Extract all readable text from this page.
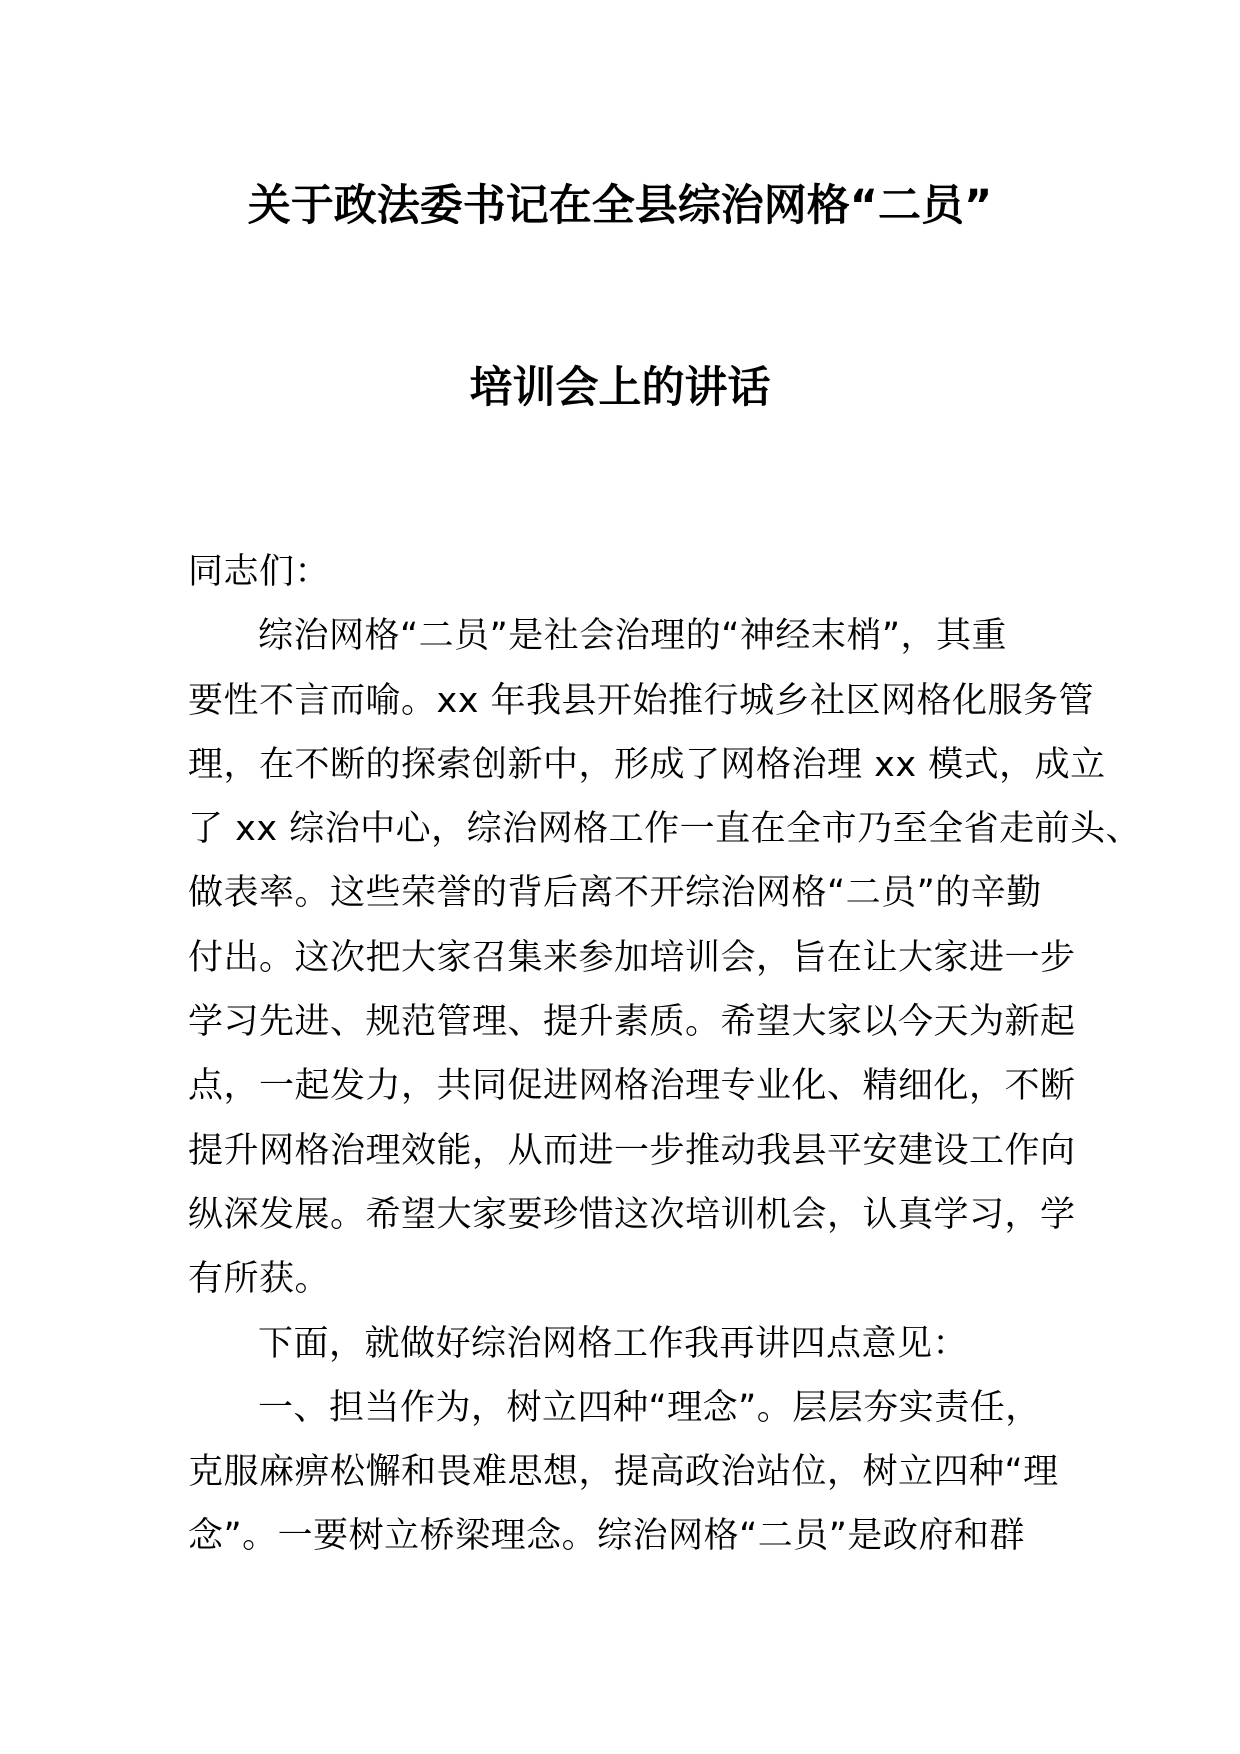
关于政法委书记在全县综治网格“二员”
培训会上的讲话

同志们：

综治网格“二员”是社会治理的“神经末梢”，其重
要性不言而喻。xx 年我县开始推行城乡社区网格化服务管
理，在不断的探索创新中，形成了网格治理 xx 模式，成立
了 xx 综治中心，综治网格工作一直在全市乃至全省走前头、
做表率。这些荣誉的背后离不开综治网格“二员”的辛勤
付出。这次把大家召集来参加培训会，旨在让大家进一步
学习先进、规范管理、提升素质。希望大家以今天为新起
点，一起发力，共同促进网格治理专业化、精细化，不断
提升网格治理效能，从而进一步推动我县平安建设工作向
纵深发展。希望大家要珍惜这次培训机会，认真学习，学
有所获。

下面，就做好综治网格工作我再讲四点意见：

一、担当作为，树立四种“理念”。层层夯实责任，
克服麻痹松懈和畏难思想，提高政治站位，树立四种“理
念”。一要树立桥梁理念。综治网格“二员”是政府和群
